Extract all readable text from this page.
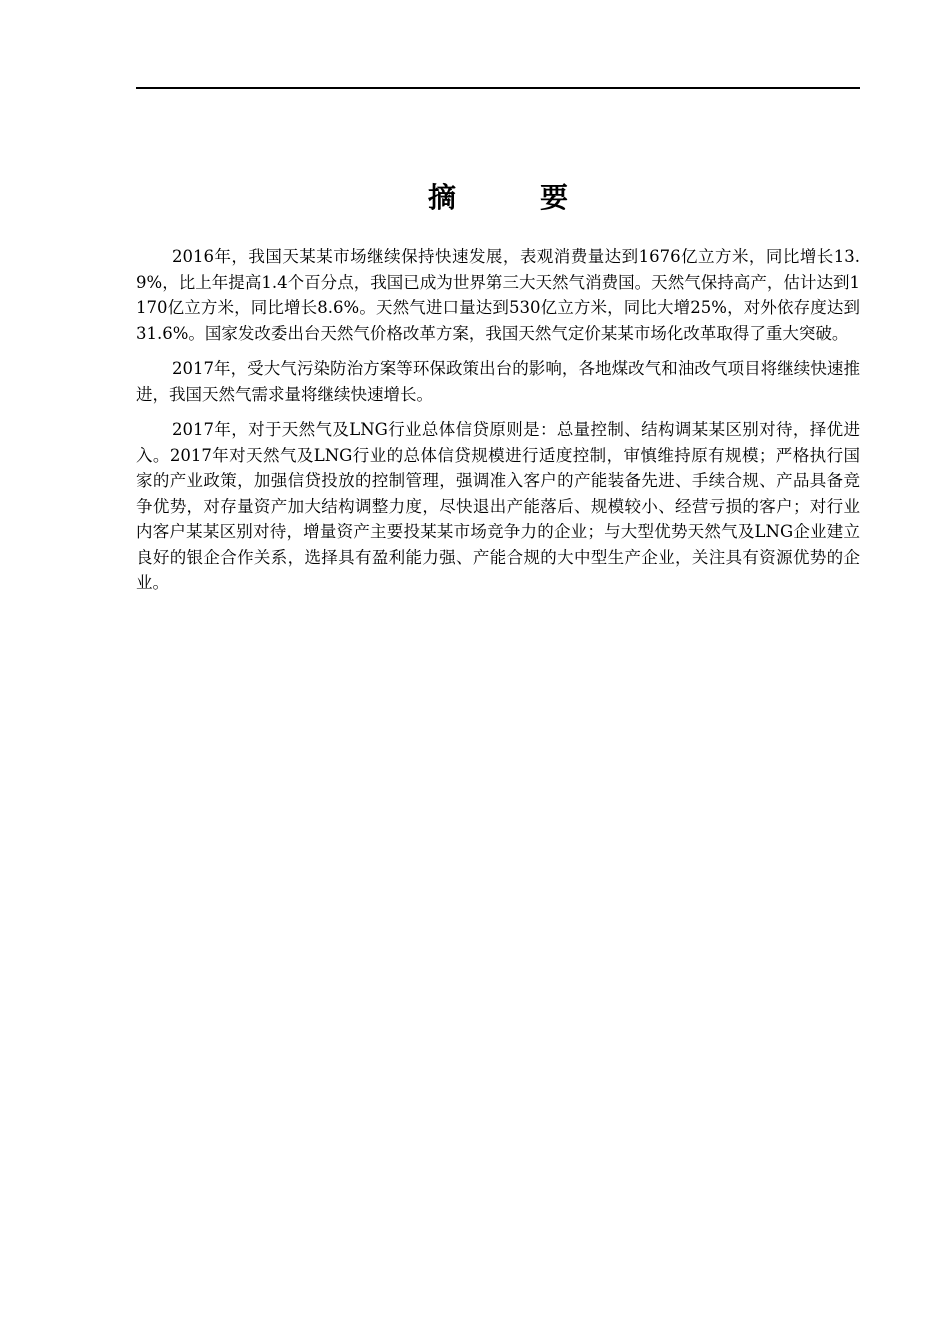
摘　要

2016年，我国天某某市场继续保持快速发展，表观消费量达到1676亿立方米，同比增长13.9%，比上年提高1.4个百分点，我国已成为世界第三大天然气消费国。天然气保持高产，估计达到1170亿立方米，同比增长8.6%。天然气进口量达到530亿立方米，同比大增25%，对外依存度达到31.6%。国家发改委出台天然气价格改革方案，我国天然气定价某某市场化改革取得了重大突破。

2017年，受大气污染防治方案等环保政策出台的影响，各地煤改气和油改气项目将继续快速推进，我国天然气需求量将继续快速增长。

2017年，对于天然气及LNG行业总体信贷原则是：总量控制、结构调某某区别对待，择优进入。2017年对天然气及LNG行业的总体信贷规模进行适度控制，审慎维持原有规模；严格执行国家的产业政策，加强信贷投放的控制管理，强调准入客户的产能装备先进、手续合规、产品具备竞争优势，对存量资产加大结构调整力度，尽快退出产能落后、规模较小、经营亏损的客户；对行业内客户某某区别对待，增量资产主要投某某市场竞争力的企业；与大型优势天然气及LNG企业建立良好的银企合作关系，选择具有盈利能力强、产能合规的大中型生产企业，关注具有资源优势的企业。
